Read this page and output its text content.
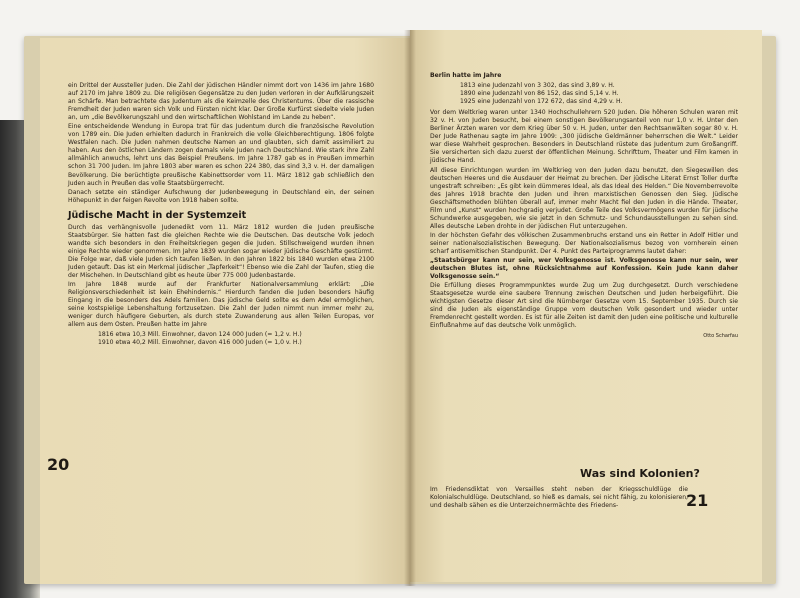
ein Drittel der Aussteller Juden. Die Zahl der jüdischen Händler nimmt dort von 1436 im Jahre 1680 auf 2170 im Jahre 1809 zu. Die religiösen Gegensätze zu den Juden verloren in der Aufklärungszeit an Schärfe. Man betrachtete das Judentum als die Keimzelle des Christentums. Über die rassische Fremdheit der Juden waren sich Volk und Fürsten nicht klar. Der Große Kurfürst siedelte viele Juden an, um „die Bevölkerungszahl und den wirtschaftlichen Wohlstand im Lande zu heben“.

Eine entscheidende Wendung in Europa trat für das Judentum durch die französische Revolution von 1789 ein. Die Juden erhielten dadurch in Frankreich die volle Gleichberechtigung. 1806 folgte Westfalen nach. Die Juden nahmen deutsche Namen an und glaubten, sich damit assimiliert zu haben. Aus den östlichen Ländern zogen damals viele Juden nach Deutschland. Wie stark ihre Zahl allmählich anwuchs, lehrt uns das Beispiel Preußens. Im Jahre 1787 gab es in Preußen immerhin schon 31 700 Juden. Im Jahre 1803 aber waren es schon 224 380, das sind 3,3 v. H. der damaligen Bevölkerung. Die berüchtigte preußische Kabinettsorder vom 11. März 1812 gab schließlich den Juden auch in Preußen das volle Staatsbürgerrecht.

Danach setzte ein ständiger Aufschwung der Judenbewegung in Deutschland ein, der seinen Höhepunkt in der feigen Revolte von 1918 haben sollte.

Jüdische Macht in der Systemzeit

Durch das verhängnisvolle Judenedikt vom 11. März 1812 wurden die Juden preußische Staatsbürger. Sie hatten fast die gleichen Rechte wie die Deutschen. Das deutsche Volk jedoch wandte sich besonders in den Freiheitskriegen gegen die Juden. Stillschweigend wurden ihnen einige Rechte wieder genommen. Im Jahre 1839 wurden sogar wieder jüdische Geschäfte gestürmt. Die Folge war, daß viele Juden sich taufen ließen. In den Jahren 1822 bis 1840 wurden etwa 2100 Juden getauft. Das ist ein Merkmal jüdischer „Tapferkeit“! Ebenso wie die Zahl der Taufen, stieg die der Mischehen. In Deutschland gibt es heute über 775 000 Judenbastarde.

Im Jahre 1848 wurde auf der Frankfurter Nationalversammlung erklärt: „Die Religionsverschiedenheit ist kein Ehehindernis.“ Hierdurch fanden die Juden besonders häufig Eingang in die besonders des Adels familien. Das jüdische Geld sollte es dem Adel ermöglichen, seine kostspielige Lebenshaltung fortzusetzen. Die Zahl der Juden nimmt nun immer mehr zu, weniger durch häufigere Geburten, als durch stete Zuwanderung aus allen Teilen Europas, vor allem aus dem Osten. Preußen hatte im Jahre

1816 etwa 10,3 Mill. Einwohner, davon 124 000 Juden (= 1,2 v. H.)
1910 etwa 40,2 Mill. Einwohner, davon 416 000 Juden (= 1,0 v. H.)
20

Berlin hatte im Jahre

1813 eine Judenzahl von 3 302, das sind 3,89 v. H.
1890 eine Judenzahl von 86 152, das sind 5,14 v. H.
1925 eine Judenzahl von 172 672, das sind 4,29 v. H.

Vor dem Weltkrieg waren unter 1340 Hochschullehrern 520 Juden. Die höheren Schulen waren mit 32 v. H. von Juden besucht, bei einem sonstigen Bevölkerungsanteil von nur 1,0 v. H. Unter den Berliner Ärzten waren vor dem Krieg über 50 v. H. Juden, unter den Rechtsanwälten sogar 80 v. H. Der Jude Rathenau sagte im Jahre 1909: „300 jüdische Geldmänner beherrschen die Welt.“ Leider war diese Wahrheit gesprochen. Besonders in Deutschland rüstete das Judentum zum Großangriff. Sie versicherten sich dazu zuerst der öffentlichen Meinung. Schrifttum, Theater und Film kamen in jüdische Hand.

All diese Einrichtungen wurden im Weltkrieg von den Juden dazu benutzt, den Siegeswillen des deutschen Heeres und die Ausdauer der Heimat zu brechen. Der jüdische Literat Ernst Toller durfte ungestraft schreiben: „Es gibt kein dümmeres Ideal, als das Ideal des Helden.“ Die Novemberrevolte des Jahres 1918 brachte den Juden und ihren marxistischen Genossen den Sieg. Jüdische Geschäftsmethoden blühten überall auf, immer mehr Macht fiel den Juden in die Hände. Theater, Film und „Kunst“ wurden hochgradig verjudet. Große Teile des Volksvermögens wurden für jüdische Schundwerke ausgegeben, wie sie jetzt in den Schmutz- und Schundausstellungen zu sehen sind. Alles deutsche Leben drohte in der jüdischen Flut unterzugehen.

In der höchsten Gefahr des völkischen Zusammenbruchs erstand uns ein Retter in Adolf Hitler und seiner nationalsozialistischen Bewegung. Der Nationalsozialismus bezog von vornherein einen scharf antisemitischen Standpunkt. Der 4. Punkt des Parteiprogramms lautet daher:

„Staatsbürger kann nur sein, wer Volksgenosse ist. Volksgenosse kann nur sein, wer deutschen Blutes ist, ohne Rücksichtnahme auf Konfession. Kein Jude kann daher Volksgenosse sein.“

Die Erfüllung dieses Programmpunktes wurde Zug um Zug durchgesetzt. Durch verschiedene Staatsgesetze wurde eine saubere Trennung zwischen Deutschen und Juden herbeigeführt. Die wichtigsten Gesetze dieser Art sind die Nürnberger Gesetze vom 15. September 1935. Durch sie sind die Juden als eigenständige Gruppe vom deutschen Volk gesondert und wieder unter Fremdenrecht gestellt worden. Es ist für alle Zeiten ist damit den Juden eine politische und kulturelle Einflußnahme auf das deutsche Volk unmöglich.

Otto Scharfau
Was sind Kolonien?
Im Friedensdiktat von Versailles steht neben der Kriegsschuldlüge die Kolonialschuldlüge. Deutschland, so hieß es damals, sei nicht fähig, zu kolonisieren, und deshalb sähen es die Unterzeichnermächte des Friedens-	21
